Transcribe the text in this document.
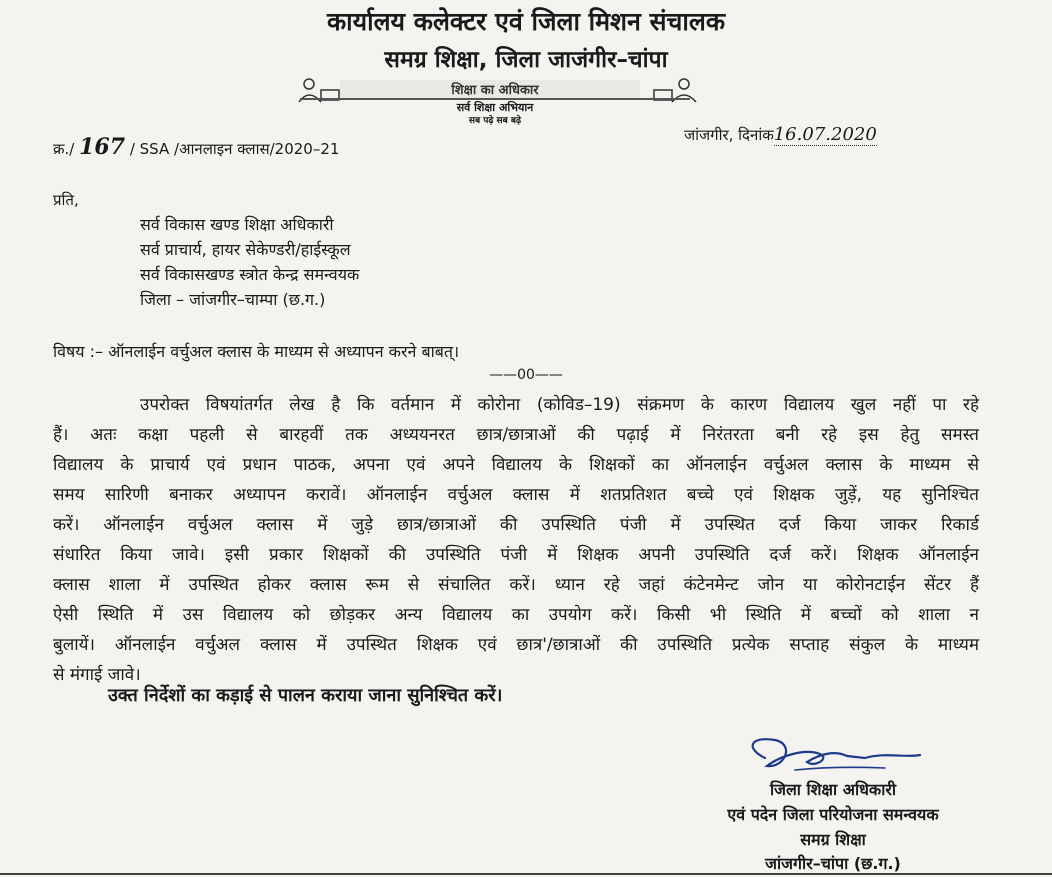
कार्यालय कलेक्टर एवं जिला मिशन संचालक
समग्र शिक्षा, जिला जाजंगीर–चांपा
शिक्षा का अधिकार
सर्व शिक्षा अभियान
सब पढ़े सब बढ़े
क्र./ 167 / SSA /आनलाइन क्लास/2020–21
जांजगीर, दिनांक16.07.2020
प्रति,
सर्व विकास खण्ड शिक्षा अधिकारी
सर्व प्राचार्य, हायर सेकेण्डरी/हाईस्कूल
सर्व विकासखण्ड स्त्रोत केन्द्र समन्वयक
जिला – जांजगीर–चाम्पा (छ.ग.)
विषय :– ऑनलाईन वर्चुअल क्लास के माध्यम से अध्यापन करने बाबत्।
——00——
उपरोक्त विषयांतर्गत लेख है कि वर्तमान में कोरोना (कोविड–19) संक्रमण के कारण विद्यालय खुल नहीं पा रहे
हैं। अतः कक्षा पहली से बारहवीं तक अध्ययनरत छात्र/छात्राओं की पढ़ाई में निरंतरता बनी रहे इस हेतु समस्त
विद्यालय के प्राचार्य एवं प्रधान पाठक, अपना एवं अपने विद्यालय के शिक्षकों का ऑनलाईन वर्चुअल क्लास के माध्यम से
समय सारिणी बनाकर अध्यापन करावें। ऑनलाईन वर्चुअल क्लास में शतप्रतिशत बच्चे एवं शिक्षक जुड़ें, यह सुनिश्चित
करें। ऑनलाईन वर्चुअल क्लास में जुड़े छात्र/छात्राओं की उपस्थिति पंजी में उपस्थित दर्ज किया जाकर रिकार्ड
संधारित किया जावे। इसी प्रकार शिक्षकों की उपस्थिति पंजी में शिक्षक अपनी उपस्थिति दर्ज करें। शिक्षक ऑनलाईन
क्लास शाला में उपस्थित होकर क्लास रूम से संचालित करें। ध्यान रहे जहां कंटेनमेन्ट जोन या कोरोनटाईन सेंटर हैं
ऐसी स्थिति में उस विद्यालय को छोड़कर अन्य विद्यालय का उपयोग करें। किसी भी स्थिति में बच्चों को शाला न
बुलायें। ऑनलाईन वर्चुअल क्लास में उपस्थित शिक्षक एवं छात्र'/छात्राओं की उपस्थिति प्रत्येक सप्ताह संकुल के माध्यम
से मंगाई जावे।
उक्त निर्देशों का कड़ाई से पालन कराया जाना सुनिश्चित करें।
जिला शिक्षा अधिकारी
एवं पदेन जिला परियोजना समन्वयक
समग्र शिक्षा
जांजगीर–चांपा (छ.ग.)
